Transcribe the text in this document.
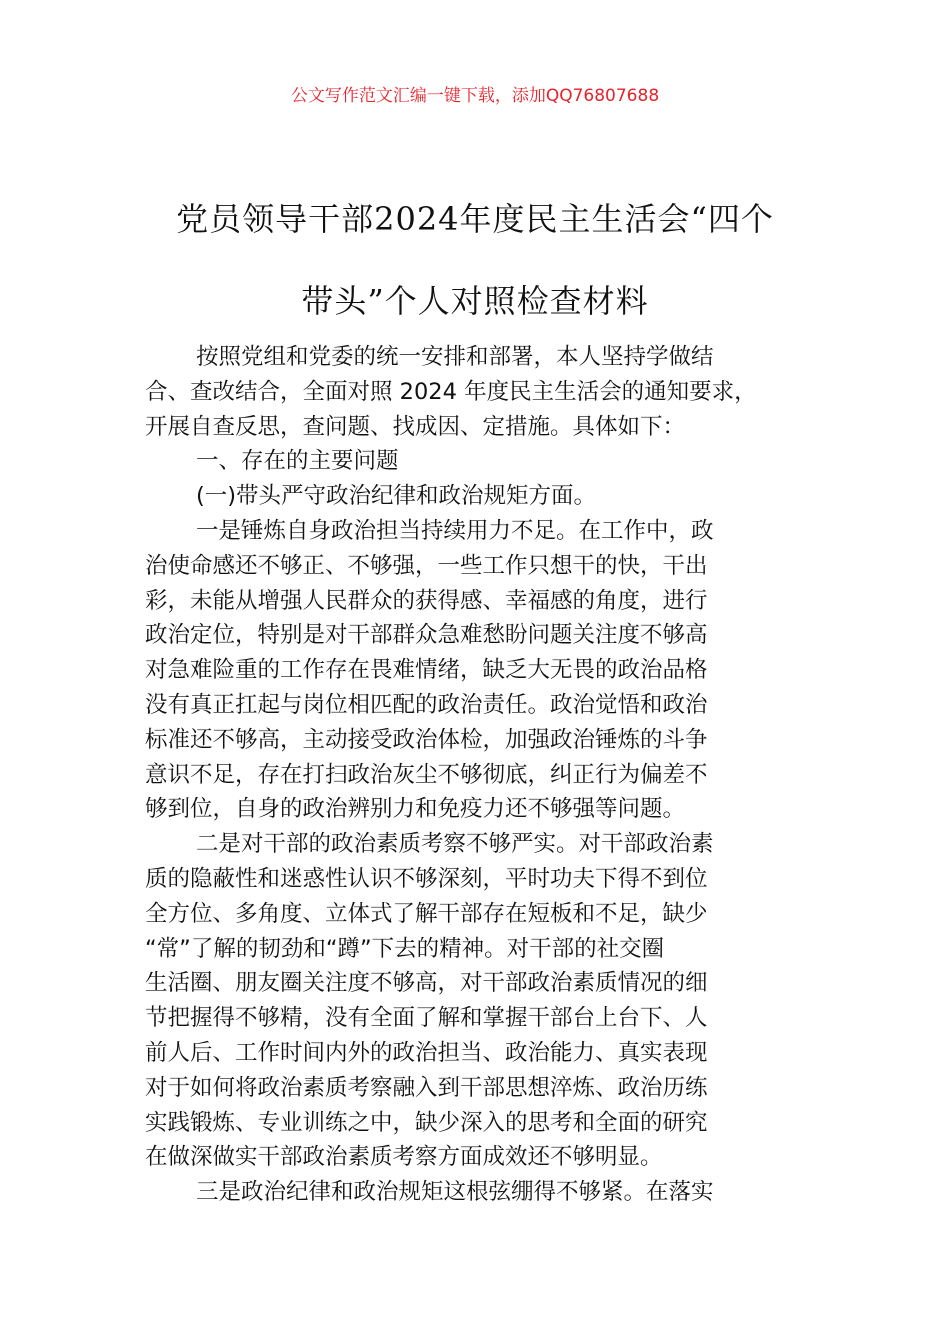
公文写作范文汇编一键下载，添加QQ76807688
党员领导干部2024年度民主生活会“四个
带头”个人对照检查材料

按照党组和党委的统一安排和部署，本人坚持学做结

合、查改结合，全面对照 2024 年度民主生活会的通知要求，

开展自查反思，查问题、找成因、定措施。具体如下：

一、存在的主要问题

(一)带头严守政治纪律和政治规矩方面。

一是锤炼自身政治担当持续用力不足。在工作中，政

治使命感还不够正、不够强，一些工作只想干的快，干出

彩，未能从增强人民群众的获得感、幸福感的角度，进行

政治定位，特别是对干部群众急难愁盼问题关注度不够高

对急难险重的工作存在畏难情绪，缺乏大无畏的政治品格

没有真正扛起与岗位相匹配的政治责任。政治觉悟和政治

标准还不够高，主动接受政治体检，加强政治锤炼的斗争

意识不足，存在打扫政治灰尘不够彻底，纠正行为偏差不

够到位，自身的政治辨别力和免疫力还不够强等问题。

二是对干部的政治素质考察不够严实。对干部政治素

质的隐蔽性和迷惑性认识不够深刻，平时功夫下得不到位

全方位、多角度、立体式了解干部存在短板和不足，缺少

“常”了解的韧劲和“蹲”下去的精神。对干部的社交圈

生活圈、朋友圈关注度不够高，对干部政治素质情况的细

节把握得不够精，没有全面了解和掌握干部台上台下、人

前人后、工作时间内外的政治担当、政治能力、真实表现

对于如何将政治素质考察融入到干部思想淬炼、政治历练

实践锻炼、专业训练之中，缺少深入的思考和全面的研究

在做深做实干部政治素质考察方面成效还不够明显。

三是政治纪律和政治规矩这根弦绷得不够紧。在落实
